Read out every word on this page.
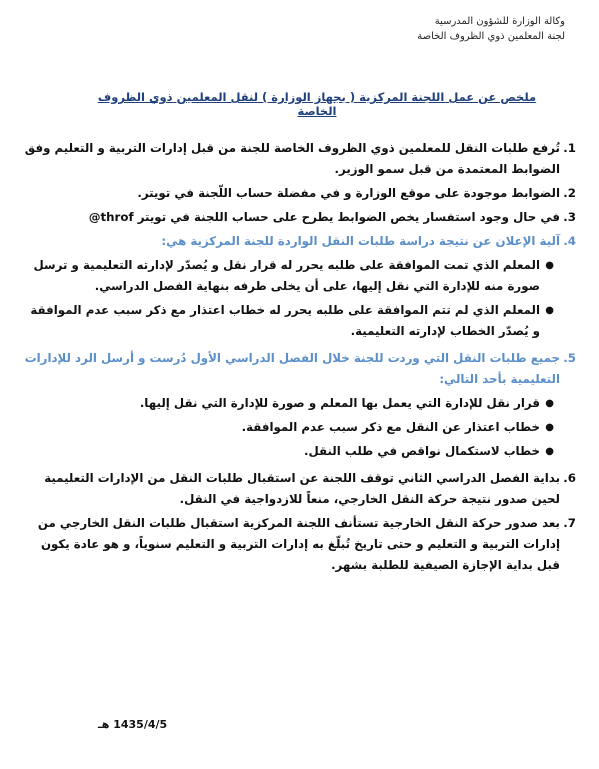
وكالة الوزارة للشؤون المدرسية
لجنة المعلمين ذوي الظروف الخاصة
ملخص عن عمل اللجنة المركزية ( بجهاز الوزارة ) لنقل المعلمين ذوي الظروف الخاصة
1.
تُرفع طلبات النقل للمعلمين ذوي الظروف الخاصة للجنة من قبل إدارات التربية و التعليم وفق الضوابط المعتمدة من قبل سمو الوزير.
2.
الضوابط موجودة على موقع الوزارة و في مفضلة حساب اللّجنة في تويتر.
3.
في حال وجود استفسار يخص الضوابط يطرح على حساب اللجنة في تويتر @throf
4.
آلية الإعلان عن نتيجة دراسة طلبات النقل الواردة للجنة المركزية هي:
●
المعلم الذي تمت الموافقة على طلبه يحرر له قرار نقل و يُصدّر لإدارته التعليمية و ترسل صورة منه للإدارة التي نقل إليها، على أن يخلى طرفه بنهاية الفصل الدراسي.
●
المعلم الذي لم تتم الموافقة على طلبه يحرر له خطاب اعتذار مع ذكر سبب عدم الموافقة و يُصدّر الخطاب لإدارته التعليمية.
5.
جميع طلبات النقل التي وردت للجنة خلال الفصل الدراسي الأول دُرست و أرسل الرد للإدارات التعليمية بأحد التالي:
●
قرار نقل للإدارة التي يعمل بها المعلم و صورة للإدارة التي نقل إليها.
●
خطاب اعتذار عن النقل مع ذكر سبب عدم الموافقة.
●
خطاب لاستكمال نواقص في طلب النقل.
6.
بداية الفصل الدراسي الثاني توقف اللجنة عن استقبال طلبات النقل من الإدارات التعليمية لحين صدور نتيجة حركة النقل الخارجي، منعاً للازدواجية في النقل.
7.
بعد صدور حركة النقل الخارجية تستأنف اللجنة المركزية استقبال طلبات النقل الخارجي من إدارات التربية و التعليم و حتى تاريخ تُبلّغ به إدارات التربية و التعليم سنوياً، و هو عادة يكون قبل بداية الإجازة الصيفية للطلبة بشهر.
1435/4/5 هـ
